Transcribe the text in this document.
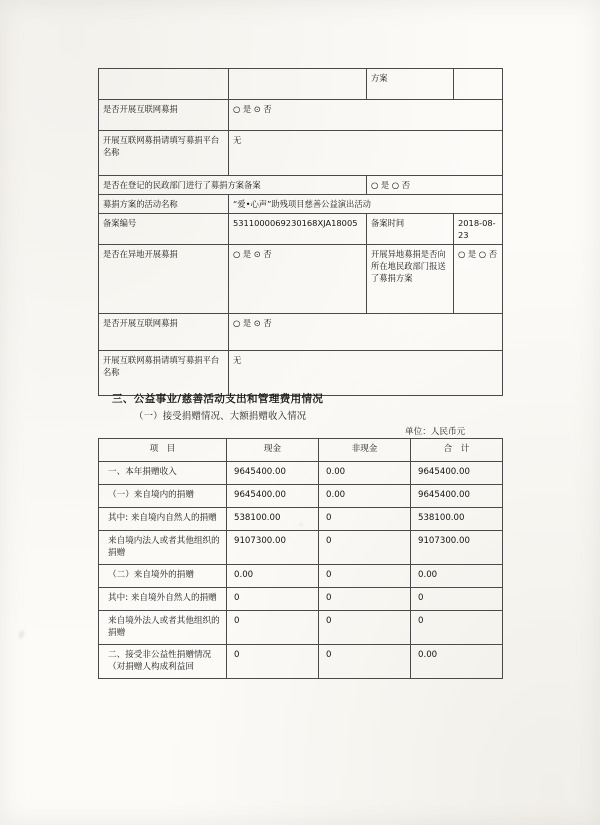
		方案	
是否开展互联网募捐	○ 是 ⊙ 否		
开展互联网募捐请填写募捐平台名称	无		
是否在登记的民政部门进行了募捐方案备案		○ 是 ○ 否	
募捐方案的活动名称	“爱•心声”助残项目慈善公益演出活动		
备案编号	5311000069230168XJA18005	备案时间	2018-08-23
是否在异地开展募捐	○ 是 ⊙ 否	开展异地募捐是否向所在地民政部门报送了募捐方案	○ 是 ○ 否
是否开展互联网募捐	○ 是 ⊙ 否		
开展互联网募捐请填写募捐平台名称	无		
三、公益事业/慈善活动支出和管理费用情况
（一）接受捐赠情况、大额捐赠收入情况
单位：人民币元
项　目	现金	非现金	合　计
一、本年捐赠收入	9645400.00	0.00	9645400.00
（一）来自境内的捐赠	9645400.00	0.00	9645400.00
其中: 来自境内自然人的捐赠	538100.00	0	538100.00
来自境内法人或者其他组织的捐赠	9107300.00	0	9107300.00
（二）来自境外的捐赠	0.00	0	0.00
其中: 来自境外自然人的捐赠	0	0	0
来自境外法人或者其他组织的捐赠	0	0	0
二、接受非公益性捐赠情况（对捐赠人构成利益回	0	0	0.00
